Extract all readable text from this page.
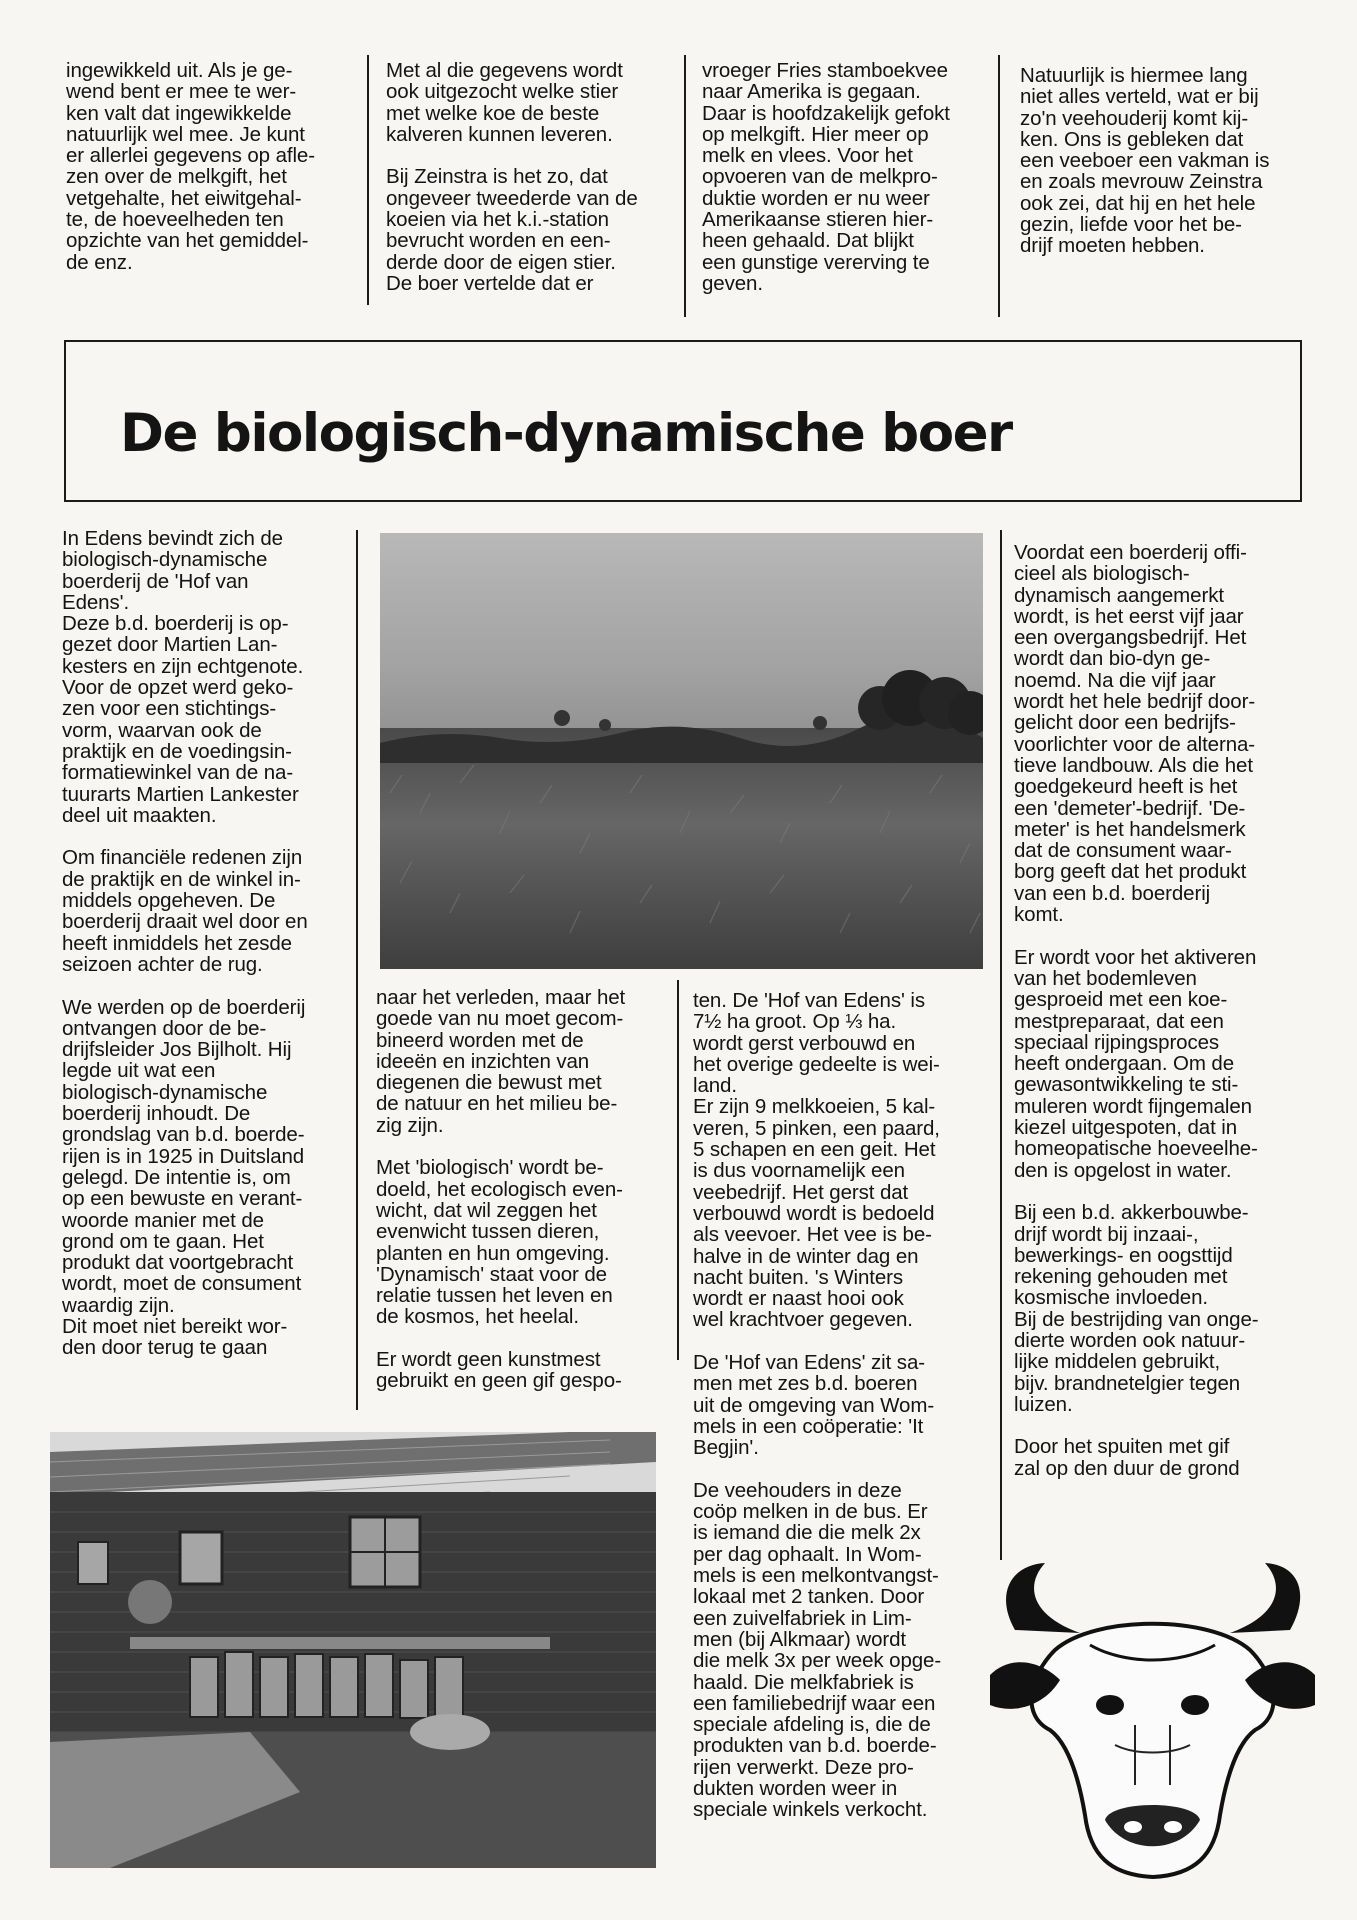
ingewikkeld uit. Als je ge-
wend bent er mee te wer-
ken valt dat ingewikkelde
natuurlijk wel mee. Je kunt
er allerlei gegevens op afle-
zen over de melkgift, het
vetgehalte, het eiwitgehal-
te, de hoeveelheden ten
opzichte van het gemiddel-
de enz.
Met al die gegevens wordt
ook uitgezocht welke stier
met welke koe de beste
kalveren kunnen leveren.

Bij Zeinstra is het zo, dat
ongeveer tweederde van de
koeien via het k.i.-station
bevrucht worden en een-
derde door de eigen stier.
De boer vertelde dat er
vroeger Fries stamboekvee
naar Amerika is gegaan.
Daar is hoofdzakelijk gefokt
op melkgift. Hier meer op
melk en vlees. Voor het
opvoeren van de melkpro-
duktie worden er nu weer
Amerikaanse stieren hier-
heen gehaald. Dat blijkt
een gunstige vererving te
geven.
Natuurlijk is hiermee lang
niet alles verteld, wat er bij
zo'n veehouderij komt kij-
ken. Ons is gebleken dat
een veeboer een vakman is
en zoals mevrouw Zeinstra
ook zei, dat hij en het hele
gezin, liefde voor het be-
drijf moeten hebben.
De biologisch-dynamische boer
In Edens bevindt zich de
biologisch-dynamische
boerderij de 'Hof van
Edens'.
Deze b.d. boerderij is op-
gezet door Martien Lan-
kesters en zijn echtgenote.
Voor de opzet werd geko-
zen voor een stichtings-
vorm, waarvan ook de
praktijk en de voedingsin-
formatiewinkel van de na-
tuurarts Martien Lankester
deel uit maakten.

Om financiële redenen zijn
de praktijk en de winkel in-
middels opgeheven. De
boerderij draait wel door en
heeft inmiddels het zesde
seizoen achter de rug.

We werden op de boerderij
ontvangen door de be-
drijfsleider Jos Bijlholt. Hij
legde uit wat een
biologisch-dynamische
boerderij inhoudt. De
grondslag van b.d. boerde-
rijen is in 1925 in Duitsland
gelegd. De intentie is, om
op een bewuste en verant-
woorde manier met de
grond om te gaan. Het
produkt dat voortgebracht
wordt, moet de consument
waardig zijn.
Dit moet niet bereikt wor-
den door terug te gaan
naar het verleden, maar het
goede van nu moet gecom-
bineerd worden met de
ideeën en inzichten van
diegenen die bewust met
de natuur en het milieu be-
zig zijn.

Met 'biologisch' wordt be-
doeld, het ecologisch even-
wicht, dat wil zeggen het
evenwicht tussen dieren,
planten en hun omgeving.
'Dynamisch' staat voor de
relatie tussen het leven en
de kosmos, het heelal.

Er wordt geen kunstmest
gebruikt en geen gif gespo-
ten. De 'Hof van Edens' is
7½ ha groot. Op ⅓ ha.
wordt gerst verbouwd en
het overige gedeelte is wei-
land.
Er zijn 9 melkkoeien, 5 kal-
veren, 5 pinken, een paard,
5 schapen en een geit. Het
is dus voornamelijk een
veebedrijf. Het gerst dat
verbouwd wordt is bedoeld
als veevoer. Het vee is be-
halve in de winter dag en
nacht buiten. 's Winters
wordt er naast hooi ook
wel krachtvoer gegeven.

De 'Hof van Edens' zit sa-
men met zes b.d. boeren
uit de omgeving van Wom-
mels in een coöperatie: 'It
Begjin'.

De veehouders in deze
coöp melken in de bus. Er
is iemand die die melk 2x
per dag ophaalt. In Wom-
mels is een melkontvangst-
lokaal met 2 tanken. Door
een zuivelfabriek in Lim-
men (bij Alkmaar) wordt
die melk 3x per week opge-
haald. Die melkfabriek is
een familiebedrijf waar een
speciale afdeling is, die de
produkten van b.d. boerde-
rijen verwerkt. Deze pro-
dukten worden weer in
speciale winkels verkocht.
Voordat een boerderij offi-
cieel als biologisch-
dynamisch aangemerkt
wordt, is het eerst vijf jaar
een overgangsbedrijf. Het
wordt dan bio-dyn ge-
noemd. Na die vijf jaar
wordt het hele bedrijf door-
gelicht door een bedrijfs-
voorlichter voor de alterna-
tieve landbouw. Als die het
goedgekeurd heeft is het
een 'demeter'-bedrijf. 'De-
meter' is het handelsmerk
dat de consument waar-
borg geeft dat het produkt
van een b.d. boerderij
komt.

Er wordt voor het aktiveren
van het bodemleven
gesproeid met een koe-
mestpreparaat, dat een
speciaal rijpingsproces
heeft ondergaan. Om de
gewasontwikkeling te sti-
muleren wordt fijngemalen
kiezel uitgespoten, dat in
homeopatische hoeveelhe-
den is opgelost in water.

Bij een b.d. akkerbouwbe-
drijf wordt bij inzaai-,
bewerkings- en oogsttijd
rekening gehouden met
kosmische invloeden.
Bij de bestrijding van onge-
dierte worden ook natuur-
lijke middelen gebruikt,
bijv. brandnetelgier tegen
luizen.

Door het spuiten met gif
zal op den duur de grond
